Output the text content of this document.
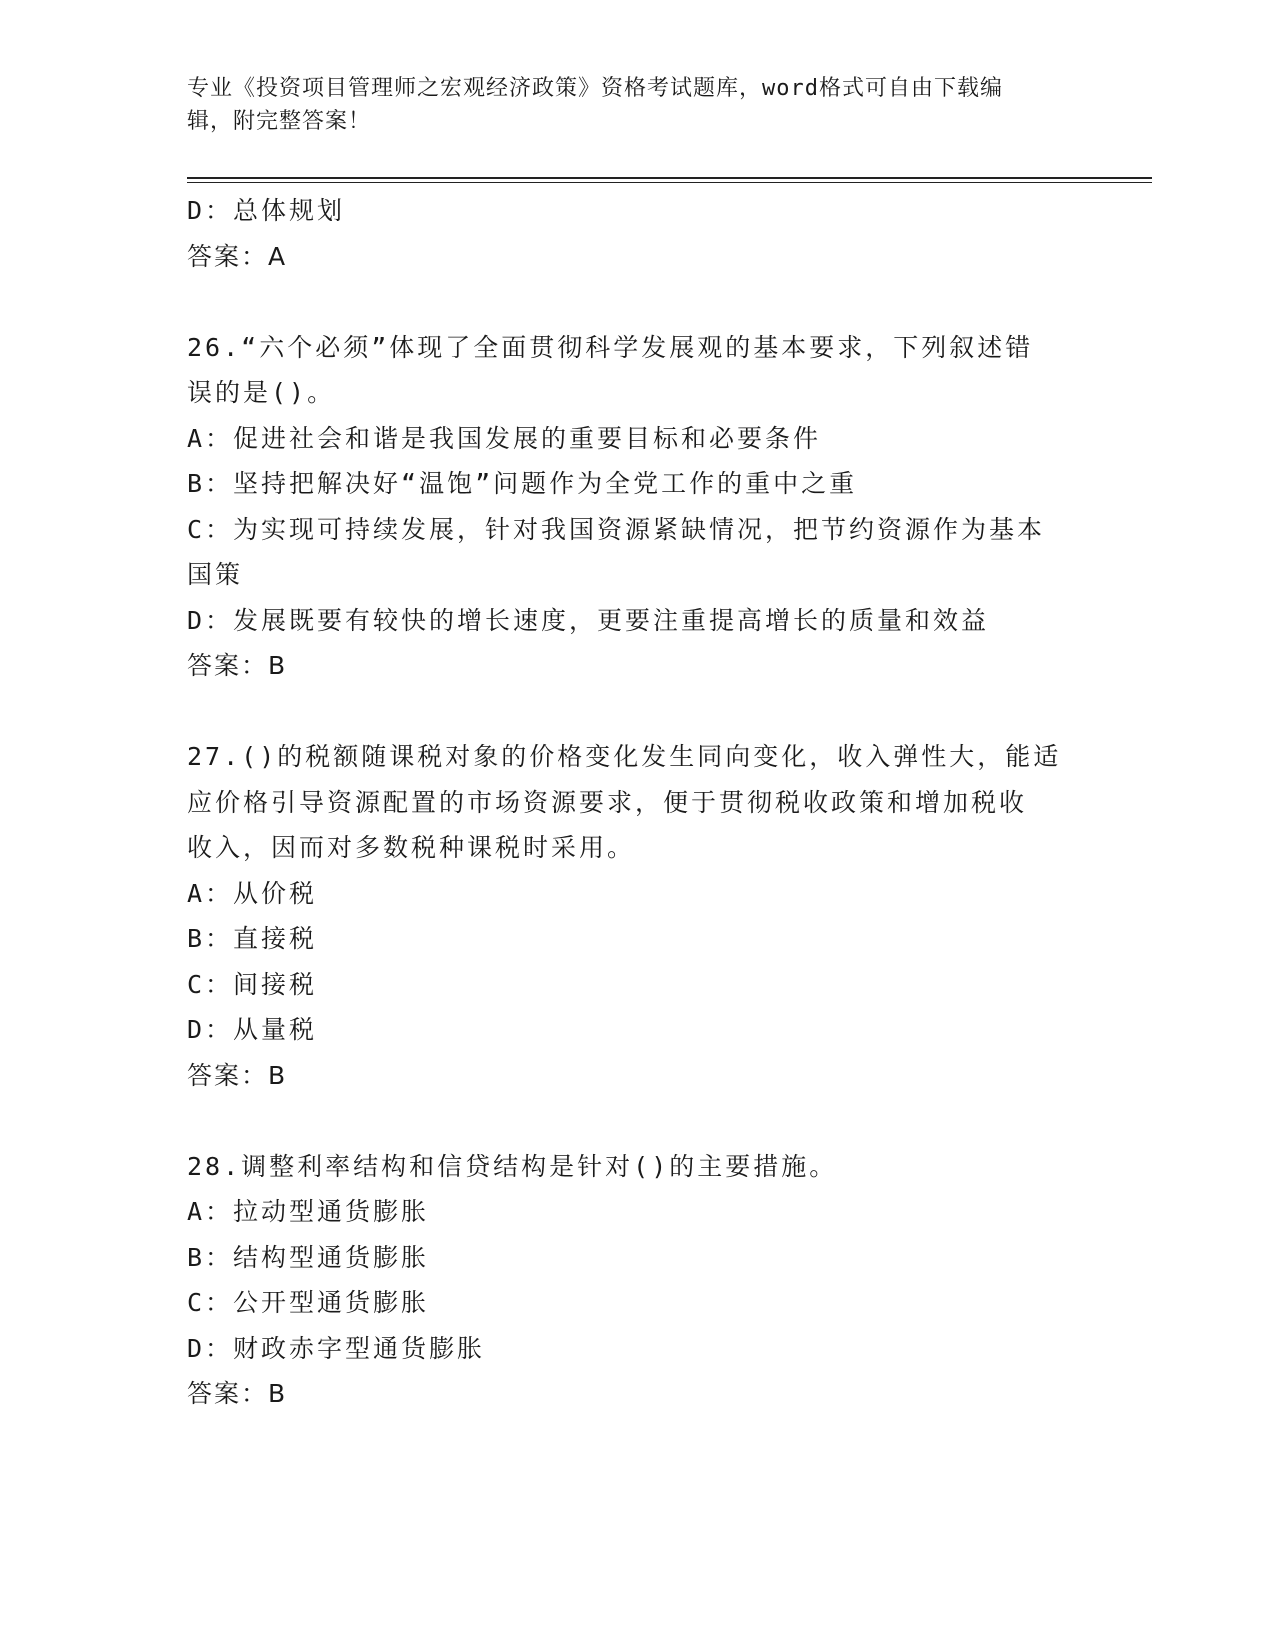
专业《投资项目管理师之宏观经济政策》资格考试题库，word格式可自由下载编
辑，附完整答案！
D：总体规划
答案：A
26.“六个必须”体现了全面贯彻科学发展观的基本要求，下列叙述错
误的是()。
A：促进社会和谐是我国发展的重要目标和必要条件
B：坚持把解决好“温饱”问题作为全党工作的重中之重
C：为实现可持续发展，针对我国资源紧缺情况，把节约资源作为基本
国策
D：发展既要有较快的增长速度，更要注重提高增长的质量和效益
答案：B
27.()的税额随课税对象的价格变化发生同向变化，收入弹性大，能适
应价格引导资源配置的市场资源要求，便于贯彻税收政策和增加税收
收入，因而对多数税种课税时采用。
A：从价税
B：直接税
C：间接税
D：从量税
答案：B
28.调整利率结构和信贷结构是针对()的主要措施。
A：拉动型通货膨胀
B：结构型通货膨胀
C：公开型通货膨胀
D：财政赤字型通货膨胀
答案：B
